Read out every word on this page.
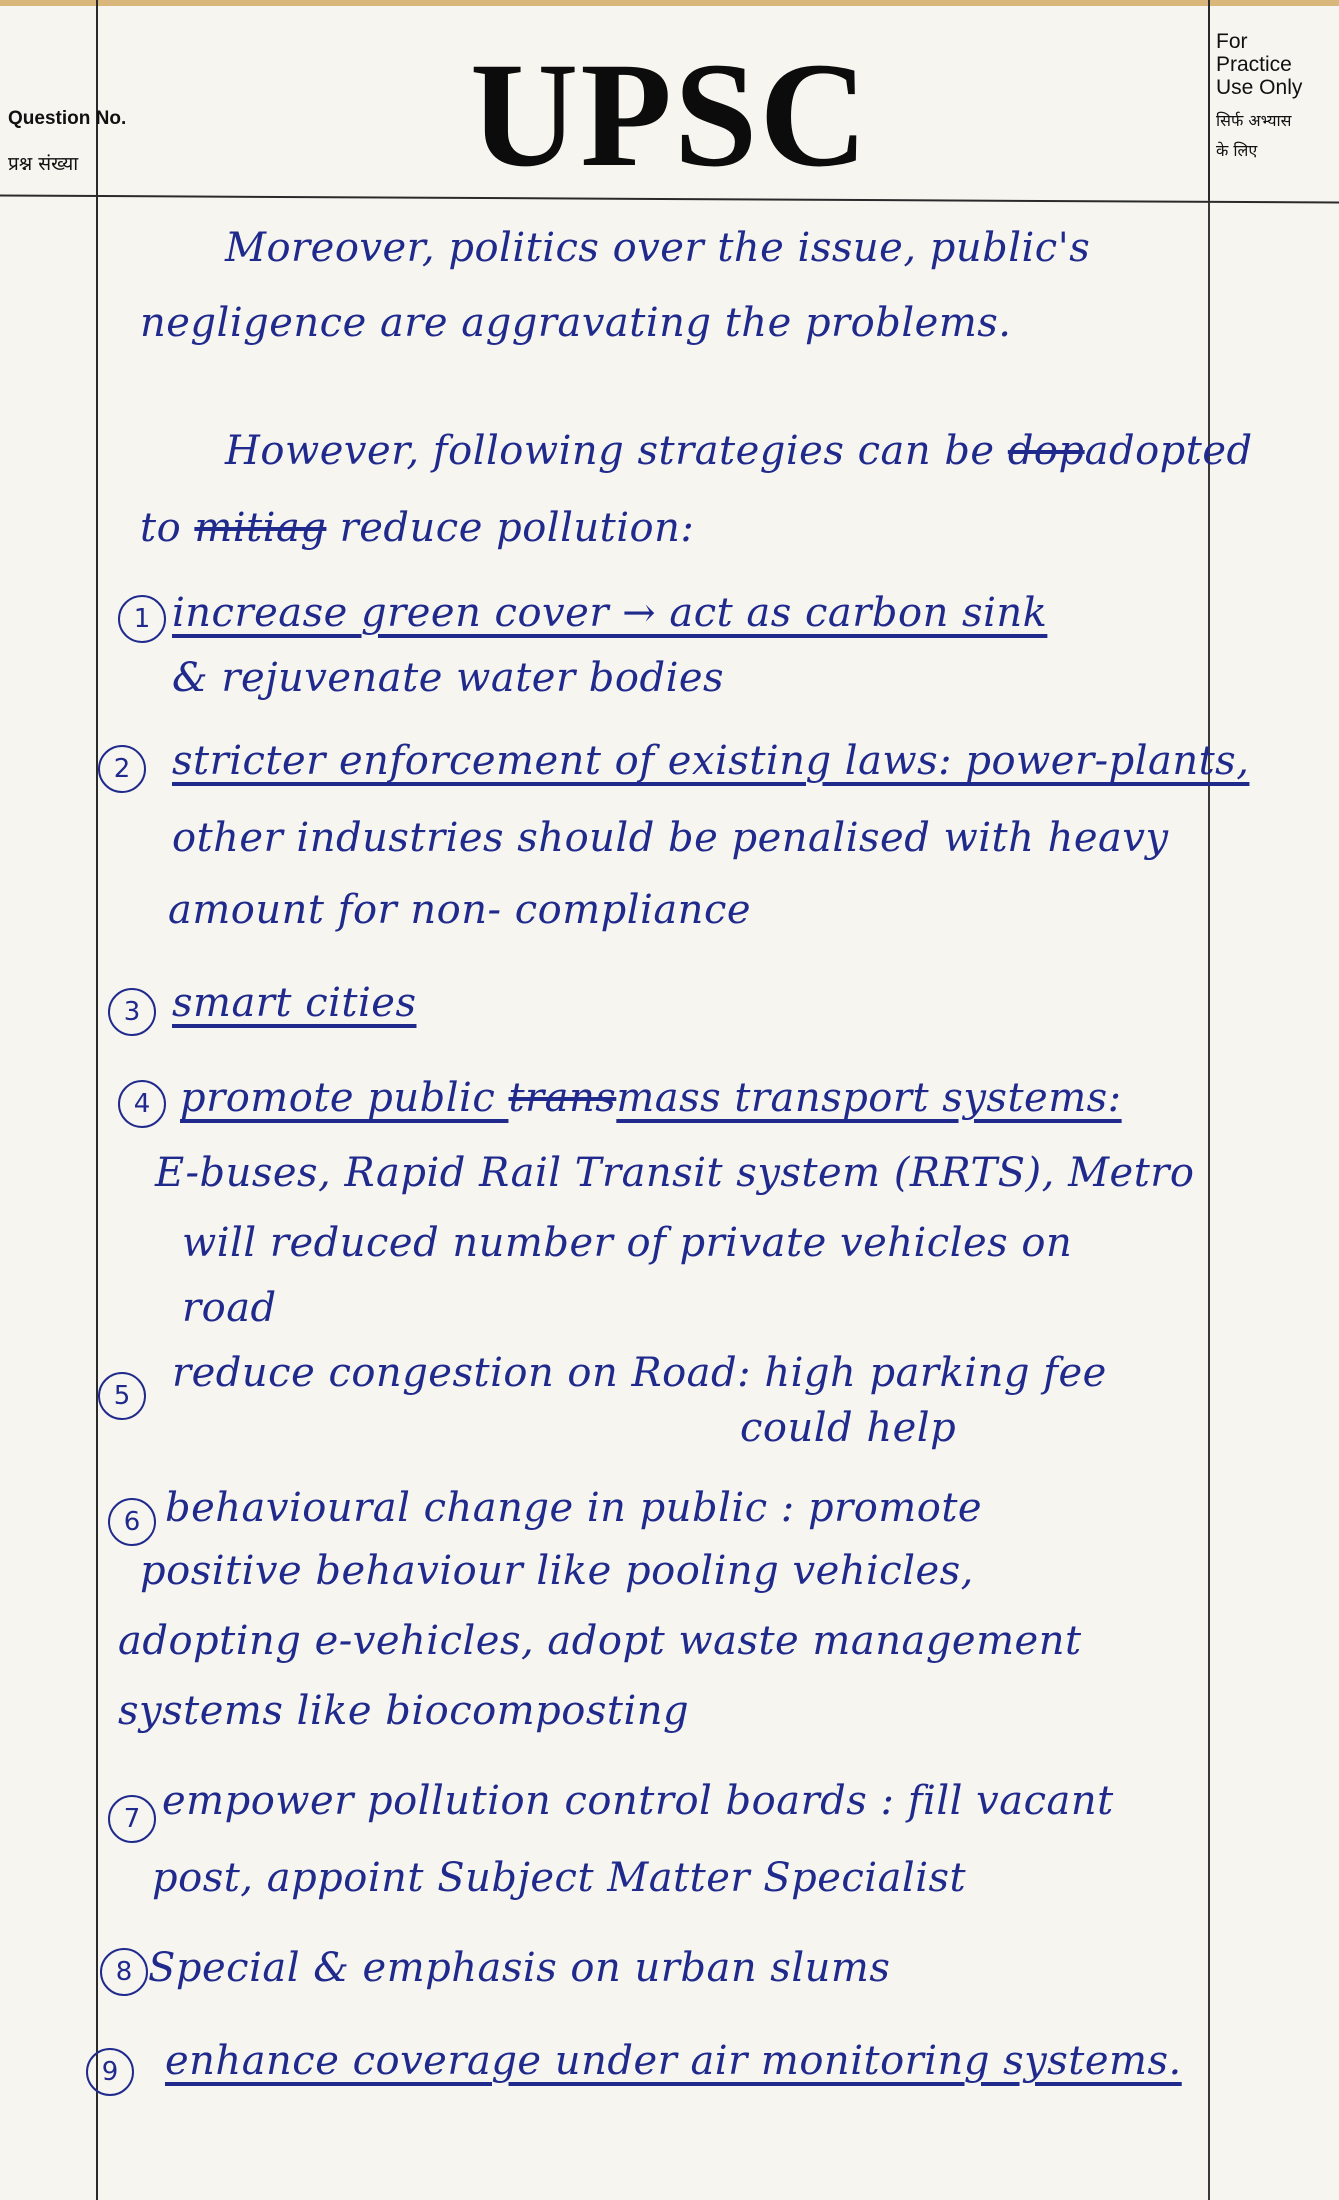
Question No.
प्रश्न संख्या	UPSC	For
Practice
Use Only
सिर्फ अभ्यास
के लिए
Moreover, politics over the issue, public's
negligence are aggravating the problems.
However, following strategies can be dopadopted
to mitiag reduce pollution:
1 increase green cover → act as carbon sink
& rejuvenate water bodies
2	stricter enforcement of existing laws: power-plants,
other industries should be penalised with heavy
amount for non- compliance
3 smart cities
4 promote public transmass transport systems:
E-buses, Rapid Rail Transit system (RRTS), Metro
will reduced number of private vehicles on
road
5	reduce congestion on Road: high parking fee
could help
6 behavioural change in public : promote
positive behaviour like pooling vehicles,
adopting e-vehicles, adopt waste management
systems like biocomposting
7 empower pollution control boards : fill vacant
post, appoint Subject Matter Specialist
8 Special & emphasis on urban slums
9	enhance coverage under air monitoring systems.
